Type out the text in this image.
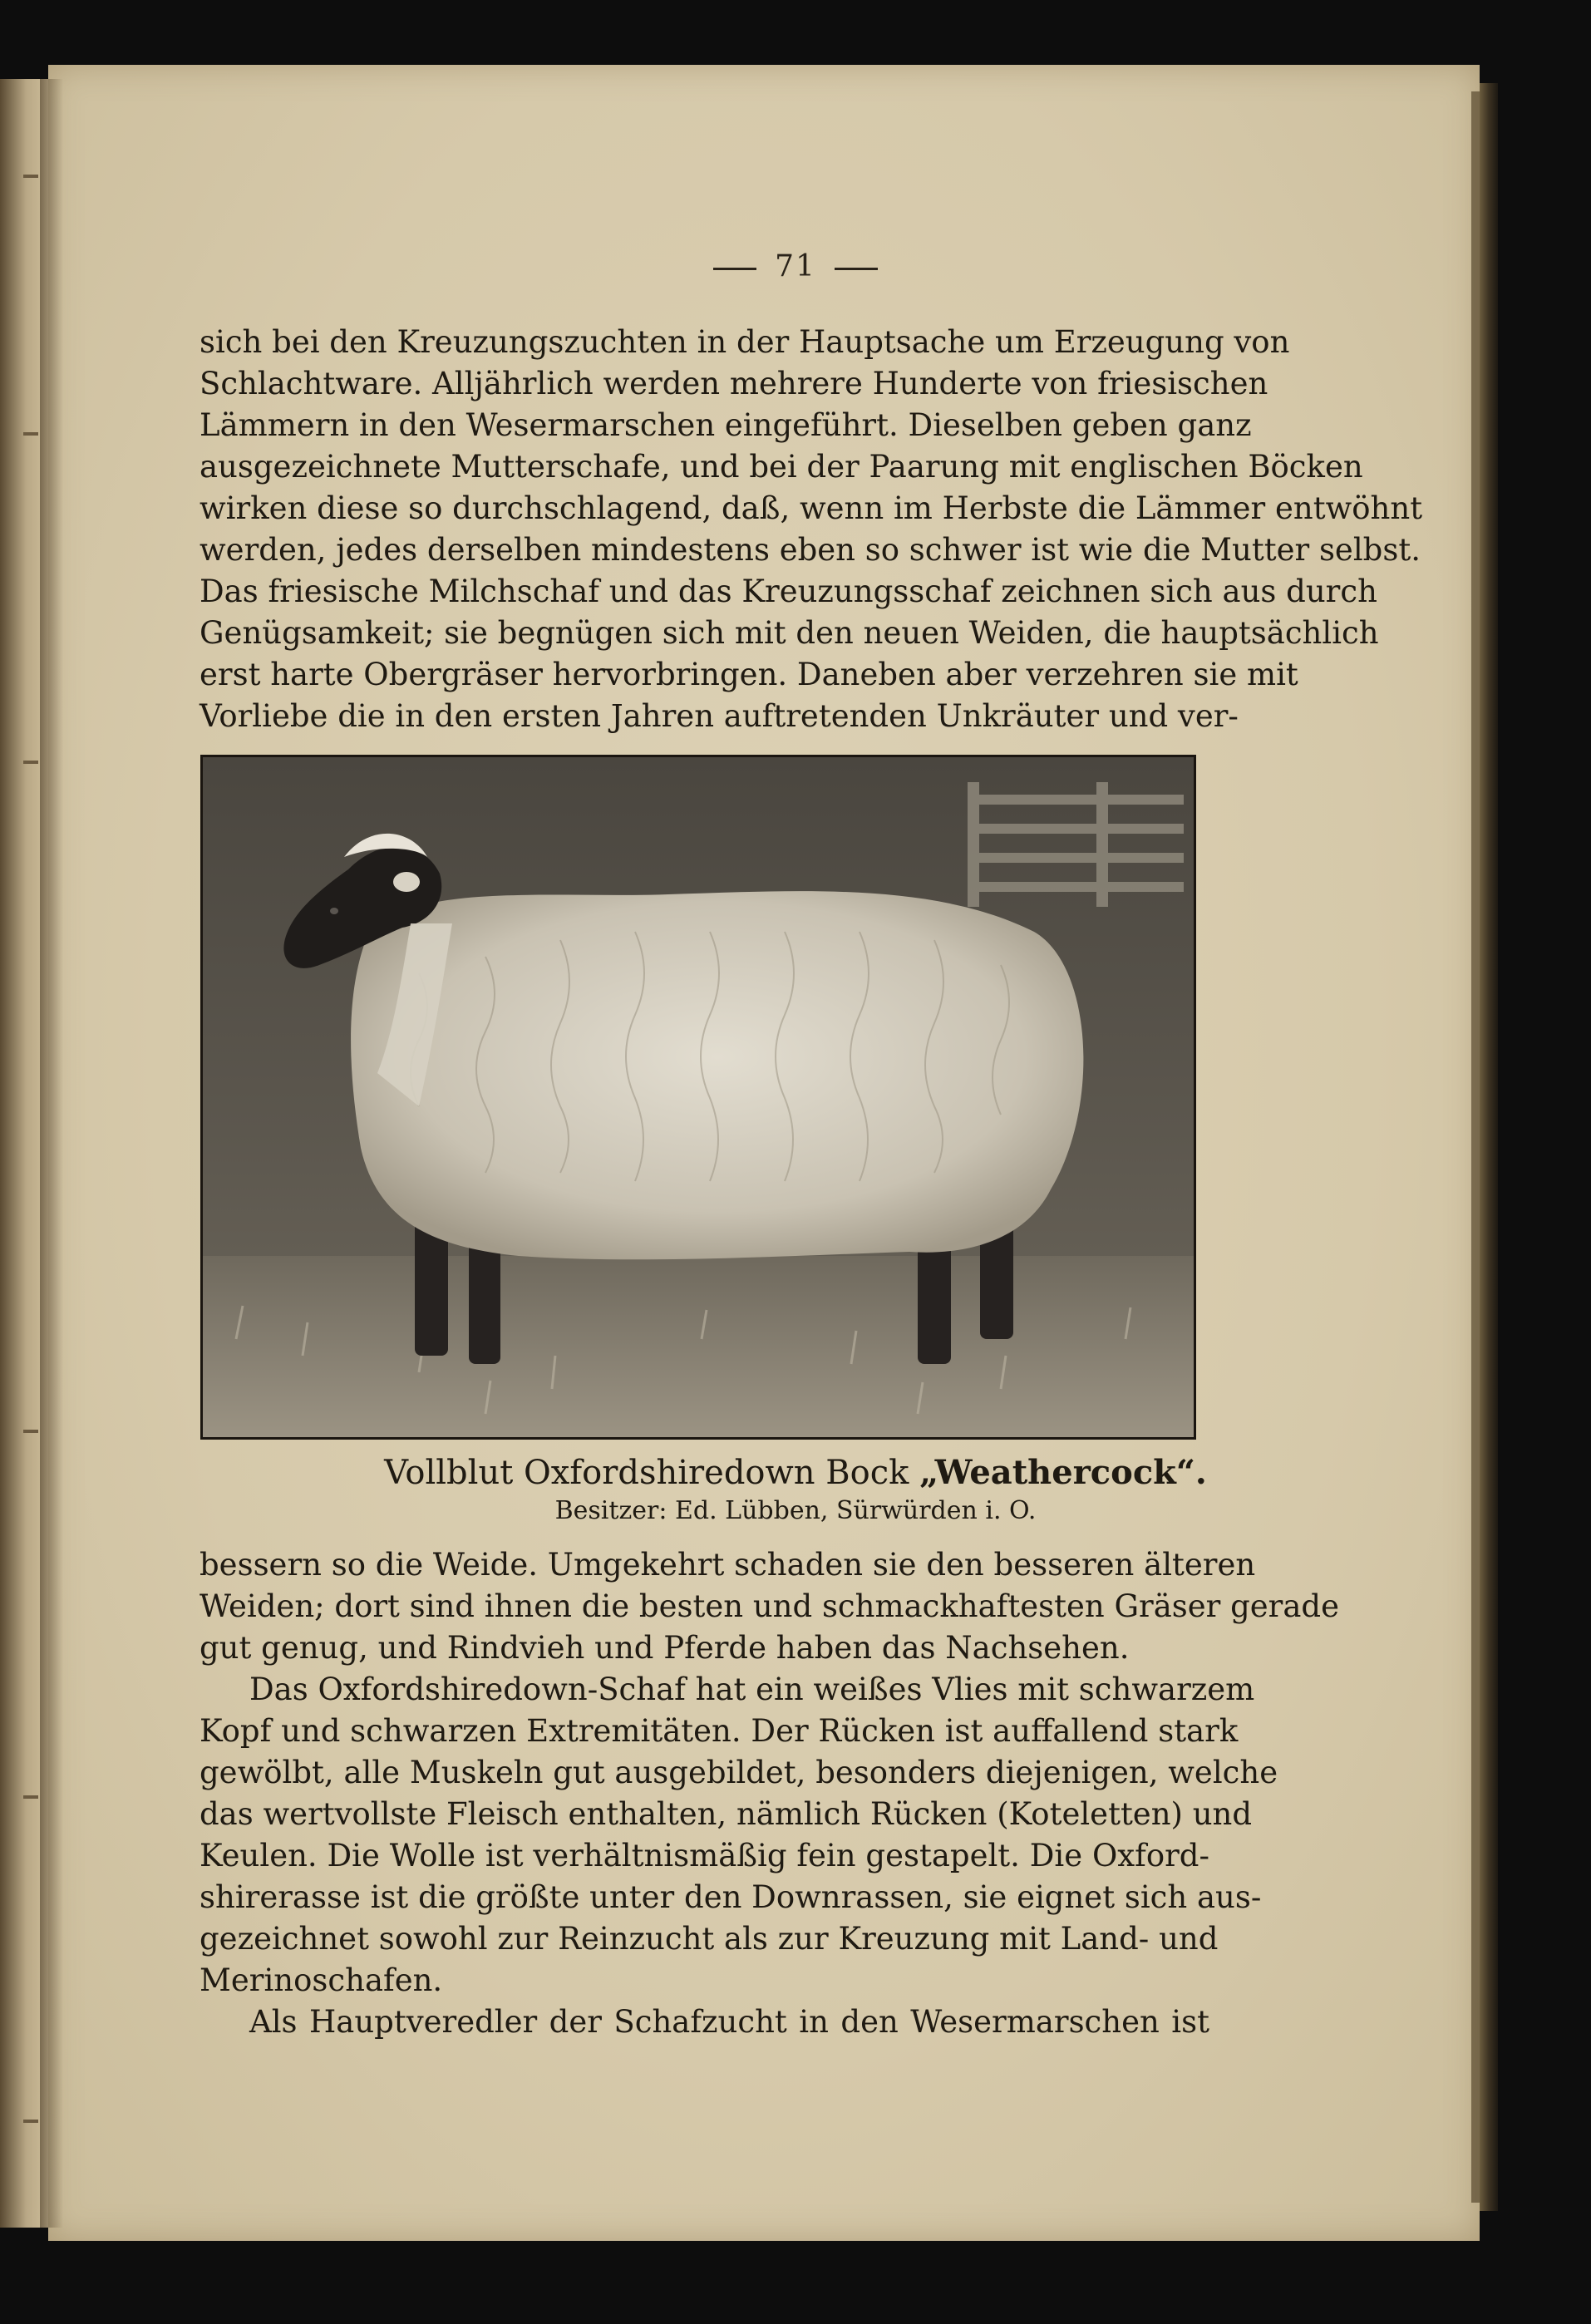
71
sich bei den Kreuzungszuchten in der Hauptsache um Erzeugung von
Schlachtware. Alljährlich werden mehrere Hunderte von friesischen
Lämmern in den Wesermarschen eingeführt. Dieselben geben ganz
ausgezeichnete Mutterschafe, und bei der Paarung mit englischen Böcken
wirken diese so durchschlagend, daß, wenn im Herbste die Lämmer entwöhnt
werden, jedes derselben mindestens eben so schwer ist wie die Mutter selbst.
Das friesische Milchschaf und das Kreuzungsschaf zeichnen sich aus durch
Genügsamkeit; sie begnügen sich mit den neuen Weiden, die hauptsächlich
erst harte Obergräser hervorbringen. Daneben aber verzehren sie mit
Vorliebe die in den ersten Jahren auftretenden Unkräuter und ver-
Vollblut Oxfordshiredown Bock „Weathercock“.
Besitzer: Ed. Lübben, Sürwürden i. O.
bessern so die Weide. Umgekehrt schaden sie den besseren älteren
Weiden; dort sind ihnen die besten und schmackhaftesten Gräser gerade
gut genug, und Rindvieh und Pferde haben das Nachsehen.
Das Oxfordshiredown-Schaf hat ein weißes Vlies mit schwarzem
Kopf und schwarzen Extremitäten. Der Rücken ist auffallend stark
gewölbt, alle Muskeln gut ausgebildet, besonders diejenigen, welche
das wertvollste Fleisch enthalten, nämlich Rücken (Koteletten) und
Keulen. Die Wolle ist verhältnismäßig fein gestapelt. Die Oxford-
shirerasse ist die größte unter den Downrassen, sie eignet sich aus-
gezeichnet sowohl zur Reinzucht als zur Kreuzung mit Land- und
Merinoschafen.
Als Hauptveredler der Schafzucht in den Wesermarschen ist
